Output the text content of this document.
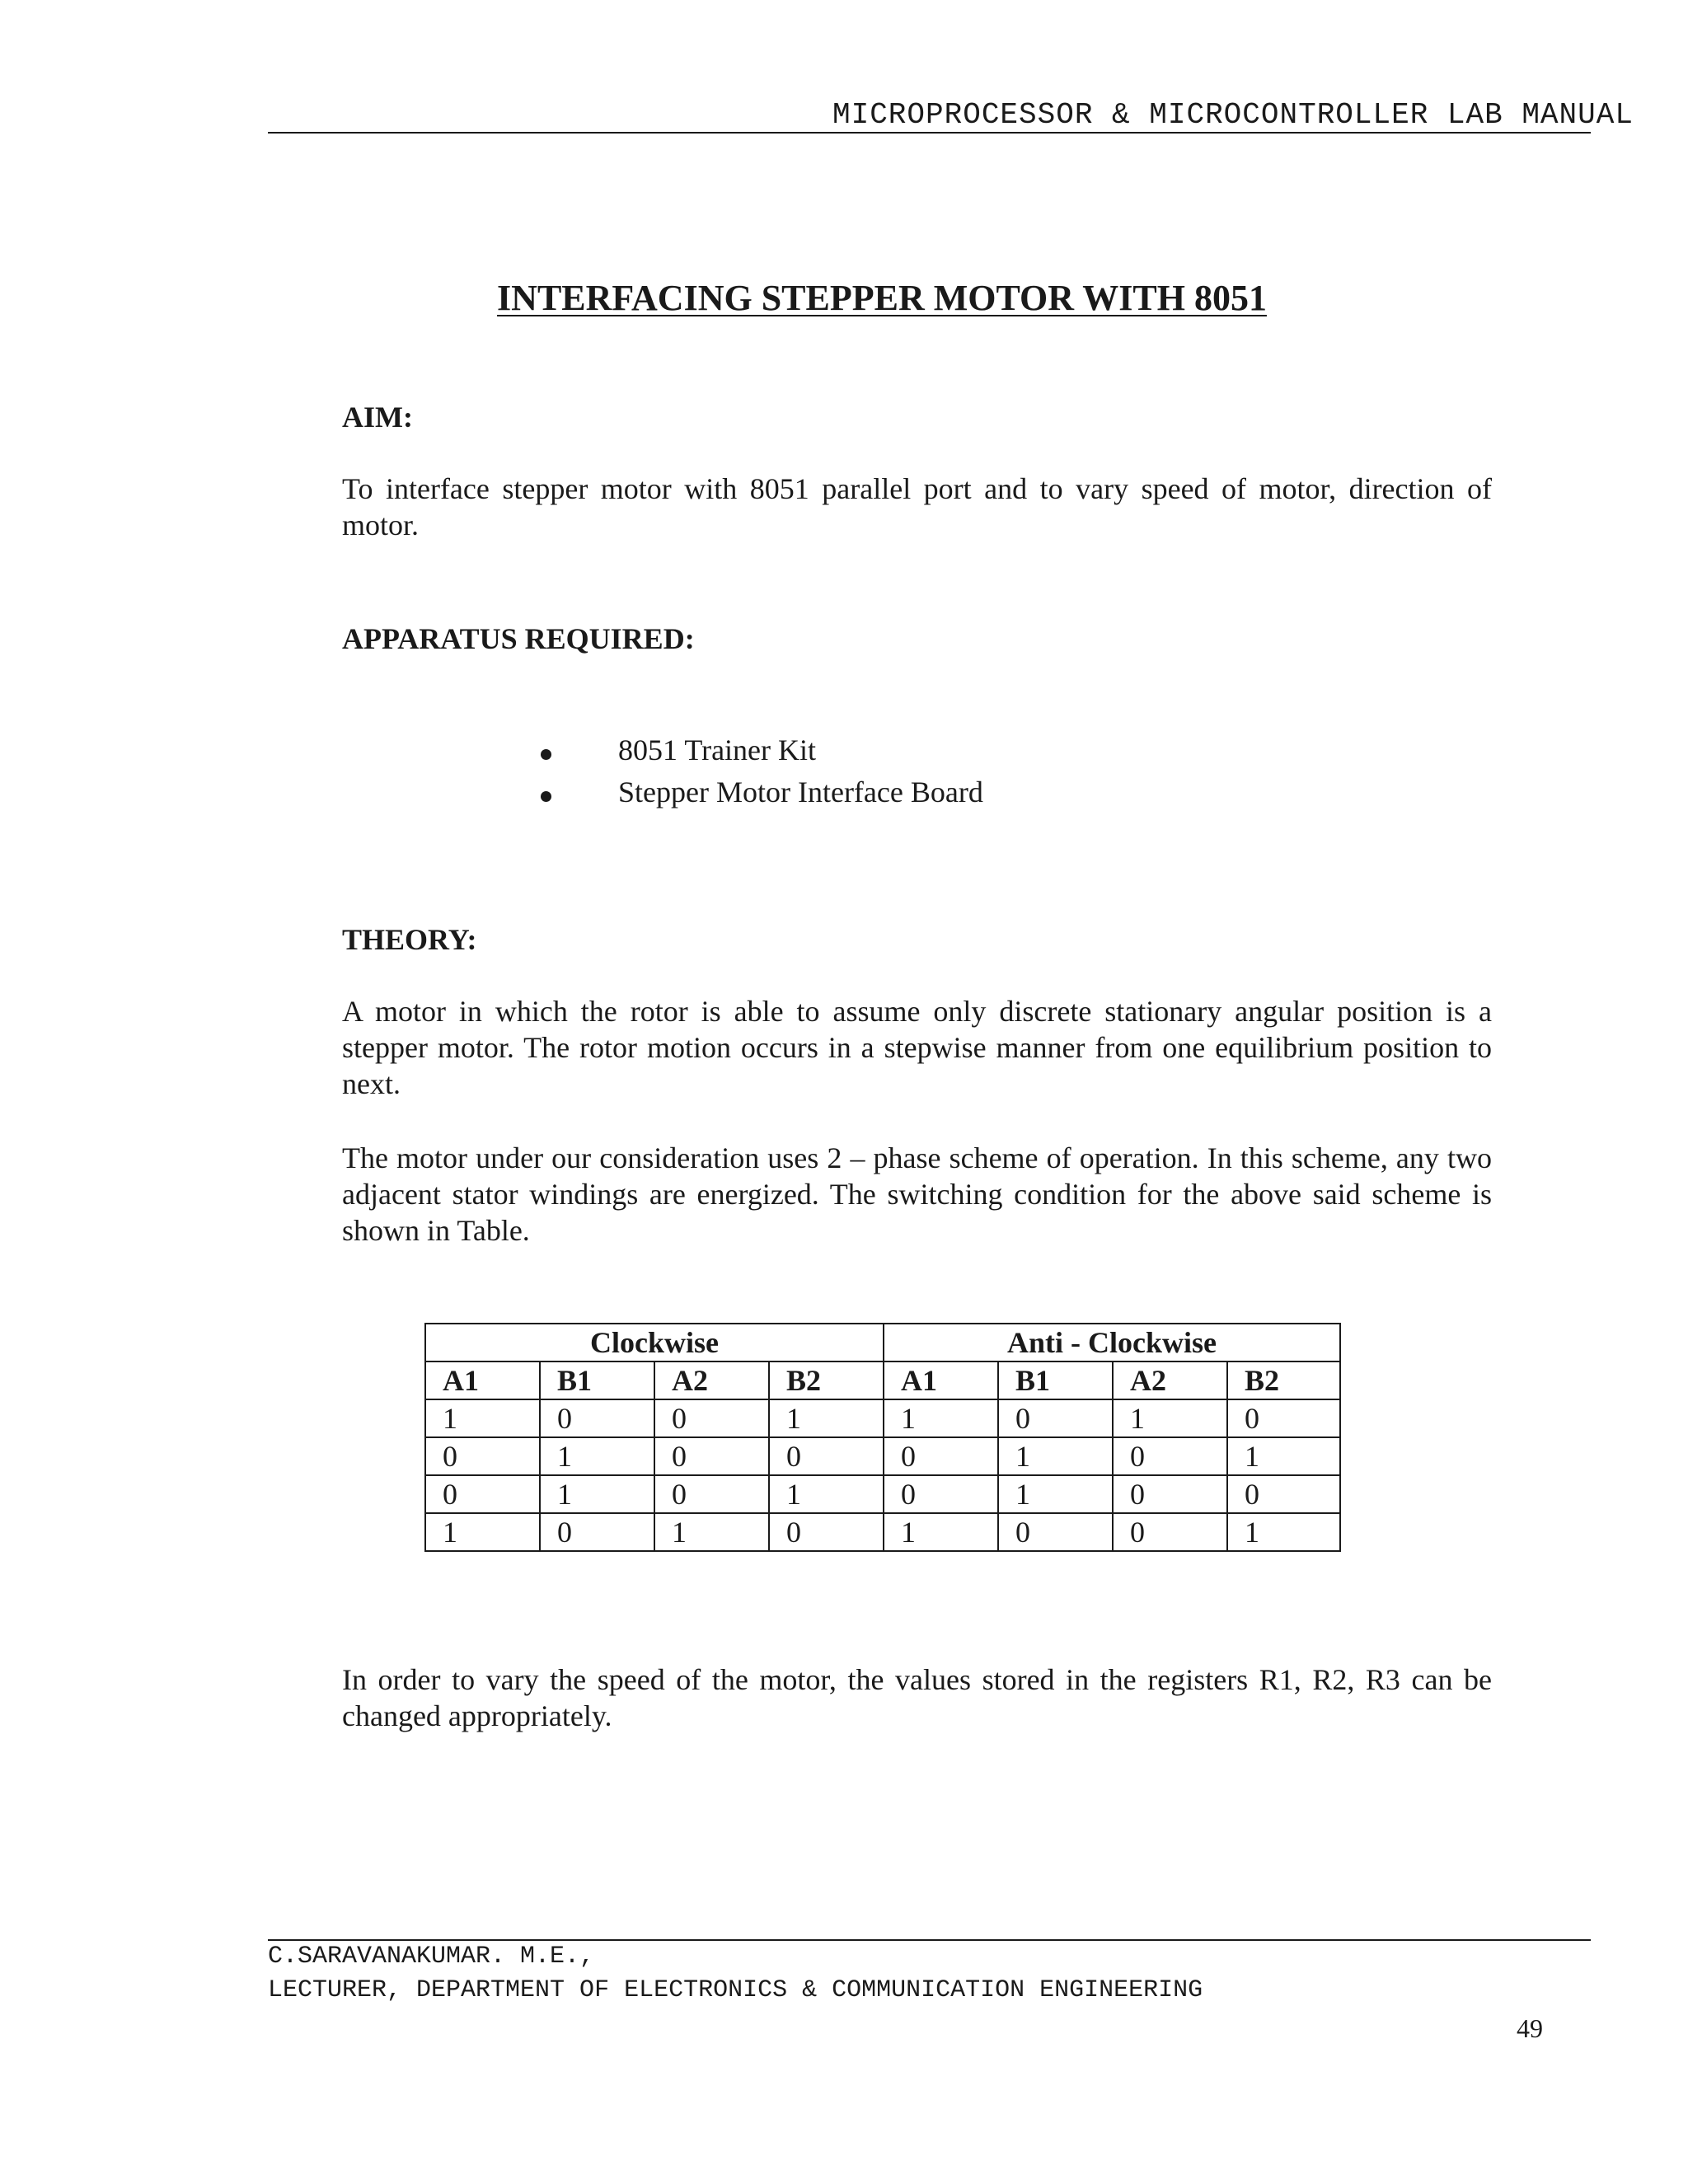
MICROPROCESSOR & MICROCONTROLLER LAB MANUAL
INTERFACING STEPPER MOTOR WITH 8051
AIM:

To interface stepper motor with 8051 parallel port and to vary speed of motor, direction of motor.

APPARATUS REQUIRED:
8051 Trainer Kit
Stepper Motor Interface Board
THEORY:

A motor in which the rotor is able to assume only discrete stationary angular position is a stepper motor. The rotor motion occurs in a stepwise manner from one equilibrium position to next.

The motor under our consideration uses 2 – phase scheme of operation. In this scheme, any two adjacent stator windings are energized. The switching condition for the above said scheme is shown in Table.

Clockwise				Anti - Clockwise			
A1	B1	A2	B2	A1	B1	A2	B2
1	0	0	1	1	0	1	0
0	1	0	0	0	1	0	1
0	1	0	1	0	1	0	0
1	0	1	0	1	0	0	1

In order to vary the speed of the motor, the values stored in the registers R1, R2, R3 can be changed appropriately.

C.SARAVANAKUMAR. M.E.,
LECTURER, DEPARTMENT OF ELECTRONICS & COMMUNICATION ENGINEERING
49
